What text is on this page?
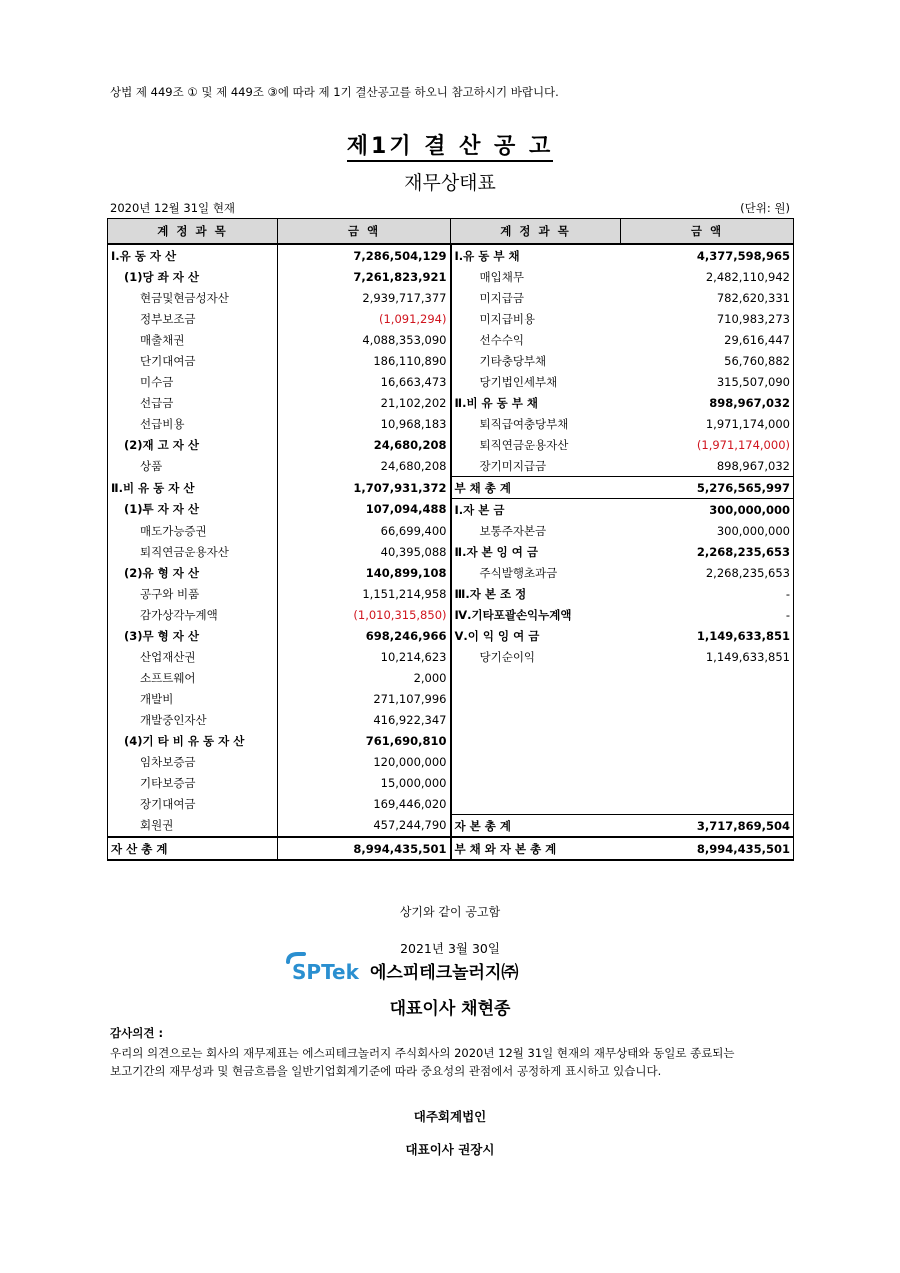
상법 제 449조 ① 및 제 449조 ③에 따라 제 1기 결산공고를 하오니 참고하시기 바랍니다.
제1기 결 산 공 고
재무상태표
2020년 12월 31일 현재	(단위: 원)
계 정 과 목	금 액	계 정 과 목	금 액
Ⅰ.유 동 자 산	7,286,504,129	Ⅰ.유 동 부 채	4,377,598,965
(1)당 좌 자 산	7,261,823,921	매입채무	2,482,110,942
현금및현금성자산	2,939,717,377	미지급금	782,620,331
정부보조금	(1,091,294)	미지급비용	710,983,273
매출채권	4,088,353,090	선수수익	29,616,447
단기대여금	186,110,890	기타충당부채	56,760,882
미수금	16,663,473	당기법인세부채	315,507,090
선급금	21,102,202	Ⅱ.비 유 동 부 채	898,967,032
선급비용	10,968,183	퇴직급여충당부채	1,971,174,000
(2)재 고 자 산	24,680,208	퇴직연금운용자산	(1,971,174,000)
상품	24,680,208	장기미지급금	898,967,032
Ⅱ.비 유 동 자 산	1,707,931,372	부 채 총 계	5,276,565,997
(1)투 자 자 산	107,094,488	Ⅰ.자 본 금	300,000,000
매도가능증권	66,699,400	보통주자본금	300,000,000
퇴직연금운용자산	40,395,088	Ⅱ.자 본 잉 여 금	2,268,235,653
(2)유 형 자 산	140,899,108	주식발행초과금	2,268,235,653
공구와 비품	1,151,214,958	Ⅲ.자 본 조 정	-
감가상각누계액	(1,010,315,850)	Ⅳ.기타포괄손익누계액	-
(3)무 형 자 산	698,246,966	Ⅴ.이 익 잉 여 금	1,149,633,851
산업재산권	10,214,623	당기순이익	1,149,633,851
소프트웨어	2,000		
개발비	271,107,996		
개발중인자산	416,922,347		
(4)기 타 비 유 동 자 산	761,690,810		
임차보증금	120,000,000		
기타보증금	15,000,000		
장기대여금	169,446,020		
회원권	457,244,790	자 본 총 계	3,717,869,504
자 산 총 계	8,994,435,501	부 채 와 자 본 총 계	8,994,435,501
상기와 같이 공고함
2021년 3월 30일
SPTek 에스피테크놀러지㈜
대표이사 채현종
감사의견 :
우리의 의견으로는 회사의 재무제표는 에스피테크놀러지 주식회사의 2020년 12월 31일 현재의 재무상태와 동일로 종료되는
보고기간의 재무성과 및 현금흐름을 일반기업회계기준에 따라 중요성의 관점에서 공정하게 표시하고 있습니다.
대주회계법인
대표이사 권장시
